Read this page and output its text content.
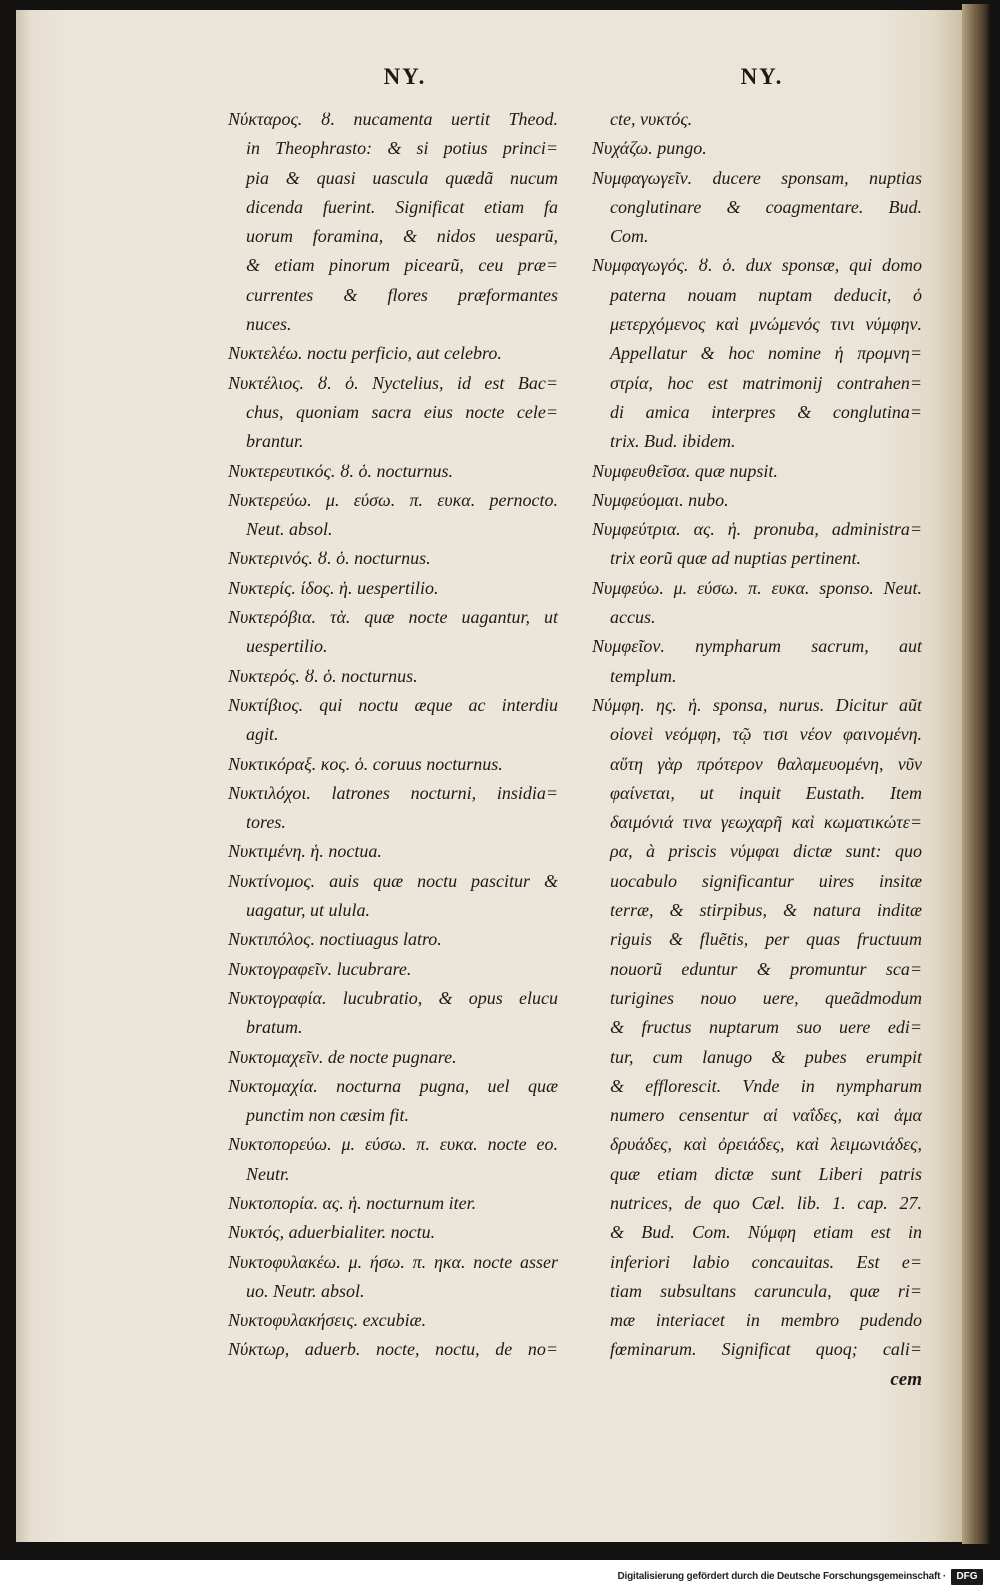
NY.	NY.
Νύκταρος. ȣ. nucamenta uertit Theod.
in Theophrasto: & si potius princi=
pia & quasi uascula quædã nucum
dicenda fuerint. Significat etiam fa
uorum foramina, & nidos uesparũ,
& etiam pinorum picearũ, ceu præ=
currentes & flores præformantes
nuces.
Νυκτελέω. noctu perficio, aut celebro.
Νυκτέλιος. ȣ. ὁ. Nyctelius, id est Bac=
chus, quoniam sacra eius nocte cele=
brantur.
Νυκτερευτικός. ȣ. ὁ. nocturnus.
Νυκτερεύω. μ. εύσω. π. ευκα. pernocto.
Neut. absol.
Νυκτερινός. ȣ. ὁ. nocturnus.
Νυκτερίς. ίδος. ἡ. uespertilio.
Νυκτερόβια. τὰ. quæ nocte uagantur, ut
uespertilio.
Νυκτερός. ȣ. ὁ. nocturnus.
Νυκτίβιος. qui noctu æque ac interdiu
agit.
Νυκτικόραξ. κος. ὁ. coruus nocturnus.
Νυκτιλόχοι. latrones nocturni, insidia=
tores.
Νυκτιμένη. ἡ. noctua.
Νυκτίνομος. auis quæ noctu pascitur &
uagatur, ut ulula.
Νυκτιπόλος. noctiuagus latro.
Νυκτογραφεῖν. lucubrare.
Νυκτογραφία. lucubratio, & opus elucu
bratum.
Νυκτομαχεῖν. de nocte pugnare.
Νυκτομαχία. nocturna pugna, uel quæ
punctim non cæsim fit.
Νυκτοπορεύω. μ. εύσω. π. ευκα. nocte eo.
Neutr.
Νυκτοπορία. ας. ἡ. nocturnum iter.
Νυκτός, aduerbialiter. noctu.
Νυκτοφυλακέω. μ. ήσω. π. ηκα. nocte asser
uo. Neutr. absol.
Νυκτοφυλακήσεις. excubiæ.
Νύκτωρ, aduerb. nocte, noctu, de no=
cte, νυκτός.
Νυχάζω. pungo.
Νυμφαγωγεῖν. ducere sponsam, nuptias
conglutinare & coagmentare. Bud.
Com.
Νυμφαγωγός. ȣ. ὁ. dux sponsæ, qui domo
paterna nouam nuptam deducit, ὁ
μετερχόμενος καὶ μνώμενός τινι νύμφην.
Appellatur & hoc nomine ἡ προμνη=
στρία, hoc est matrimonij contrahen=
di amica interpres & conglutina=
trix. Bud. ibidem.
Νυμφευθεῖσα. quæ nupsit.
Νυμφεύομαι. nubo.
Νυμφεύτρια. ας. ἡ. pronuba, administra=
trix eorũ quæ ad nuptias pertinent.
Νυμφεύω. μ. εύσω. π. ευκα. sponso. Neut.
accus.
Νυμφεῖον. nympharum sacrum, aut
templum.
Νύμφη. ης. ἡ. sponsa, nurus. Dicitur aũt
οἱονεὶ νεόμφη, τῷ τισι νέον φαινομένη.
αὕτη γὰρ πρότερον θαλαμευομένη, νῦν
φαίνεται, ut inquit Eustath. Item
δαιμόνιά τινα γεωχαρῆ καὶ κωματικώτε=
ρα, à priscis νύμφαι dictæ sunt: quo
uocabulo significantur uires insitæ
terræ, & stirpibus, & natura inditæ
riguis & fluẽtis, per quas fructuum
nouorũ eduntur & promuntur sca=
turigines nouo uere, queãdmodum
& fructus nuptarum suo uere edi=
tur, cum lanugo & pubes erumpit
& efflorescit. Vnde in nympharum
numero censentur αἱ ναΐδες, καὶ ἁμα
δρυάδες, καὶ ὀρειάδες, καὶ λειμωνιάδες,
quæ etiam dictæ sunt Liberi patris
nutrices, de quo Cæl. lib. 1. cap. 27.
& Bud. Com. Νύμφη etiam est in
inferiori labio concauitas. Est e=
tiam subsultans caruncula, quæ ri=
mæ interiacet in membro pudendo
fœminarum. Significat quoq; cali=
cem
Digitalisierung gefördert durch die Deutsche Forschungsgemeinschaft ·	DFG
